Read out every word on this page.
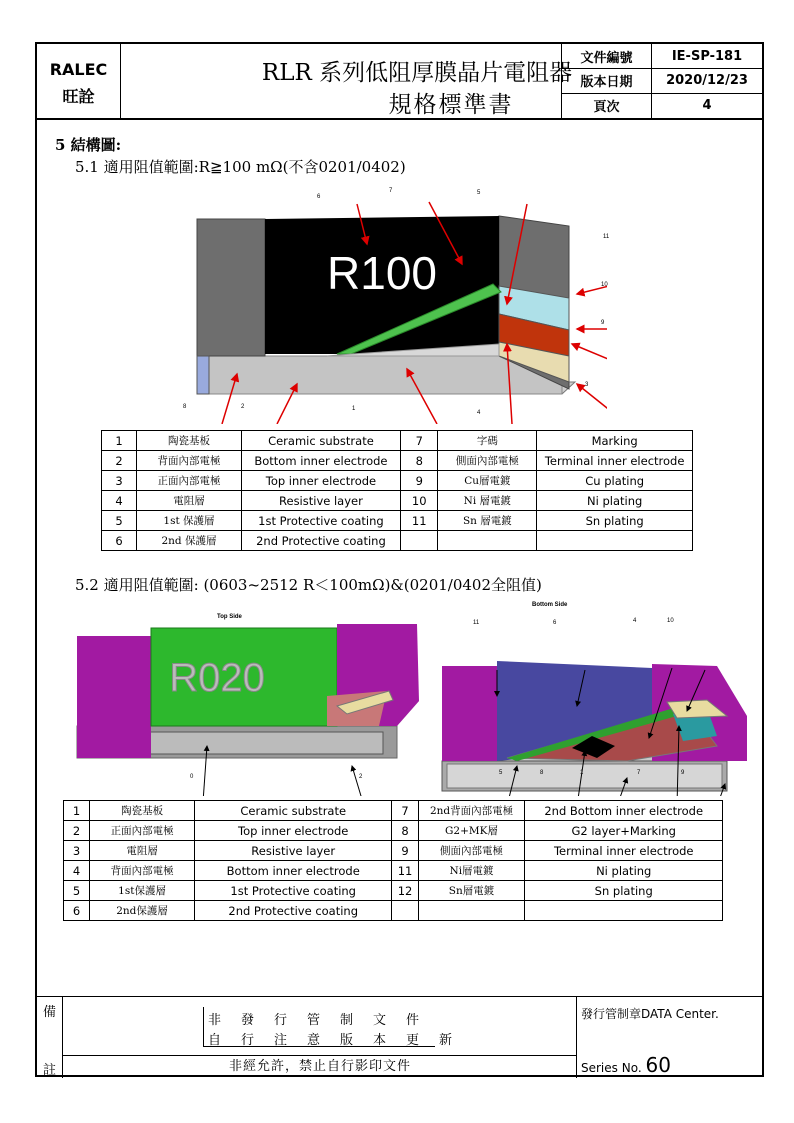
RALEC
旺詮
RLR 系列低阻厚膜晶片電阻器
規格標準書
文件編號	IE-SP-181
版本日期	2020/12/23
頁次	4
5 結構圖:
5.1 適用阻值範圍:R≧100 mΩ(不含0201/0402)
R100
1
2
3
4
5
6
7
8
9
10
11
1	陶瓷基板	Ceramic substrate	7	字碼	Marking
2	背面內部電極	Bottom inner electrode	8	側面內部電極	Terminal inner electrode
3	正面內部電極	Top inner electrode	9	Cu層電鍍	Cu plating
4	電阻層	Resistive layer	10	Ni 層電鍍	Ni plating
5	1st 保護層	1st Protective coating	11	Sn 層電鍍	Sn plating
6	2nd 保護層	2nd Protective coating			
5.2 適用阻值範圍: (0603~2512 R＜100mΩ)&(0201/0402全阻值)
R020
Top Side
Bottom Side
0	2
11	6	4	10
5	8	1	7	9
1	陶瓷基板	Ceramic substrate	7	2nd背面內部電極	2nd Bottom inner electrode
2	正面內部電極	Top inner electrode	8	G2+MK層	G2 layer+Marking
3	電阻層	Resistive layer	9	側面內部電極	Terminal inner electrode
4	背面內部電極	Bottom inner electrode	11	Ni層電鍍	Ni plating
5	1st保護層	1st Protective coating	12	Sn層電鍍	Sn plating
6	2nd保護層	2nd Protective coating			
備
註
非發行管制文件
自行注意版本更新
非經允許，禁止自行影印文件
發行管制章DATA Center.
Series No. 60
